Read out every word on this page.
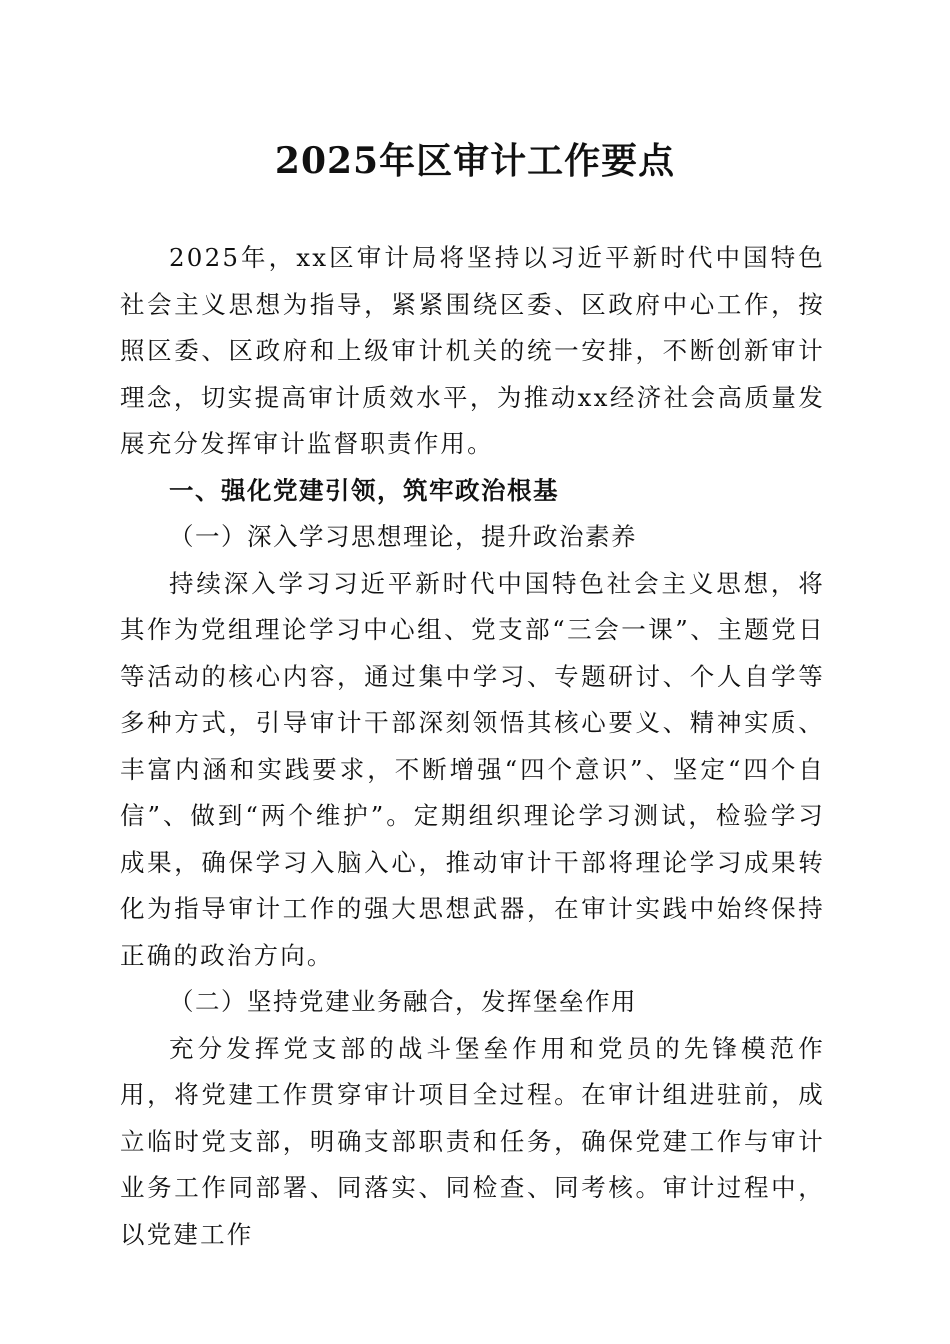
2025年区审计工作要点

2025年，xx区审计局将坚持以习近平新时代中国特色社会主义思想为指导，紧紧围绕区委、区政府中心工作，按照区委、区政府和上级审计机关的统一安排，不断创新审计理念，切实提高审计质效水平，为推动xx经济社会高质量发展充分发挥审计监督职责作用。

一、强化党建引领，筑牢政治根基

（一）深入学习思想理论，提升政治素养

持续深入学习习近平新时代中国特色社会主义思想，将其作为党组理论学习中心组、党支部“三会一课”、主题党日等活动的核心内容，通过集中学习、专题研讨、个人自学等多种方式，引导审计干部深刻领悟其核心要义、精神实质、丰富内涵和实践要求，不断增强“四个意识”、坚定“四个自信”、做到“两个维护”。定期组织理论学习测试，检验学习成果，确保学习入脑入心，推动审计干部将理论学习成果转化为指导审计工作的强大思想武器，在审计实践中始终保持正确的政治方向。

（二）坚持党建业务融合，发挥堡垒作用

充分发挥党支部的战斗堡垒作用和党员的先锋模范作用，将党建工作贯穿审计项目全过程。在审计组进驻前，成立临时党支部，明确支部职责和任务，确保党建工作与审计业务工作同部署、同落实、同检查、同考核。审计过程中，以党建工作
